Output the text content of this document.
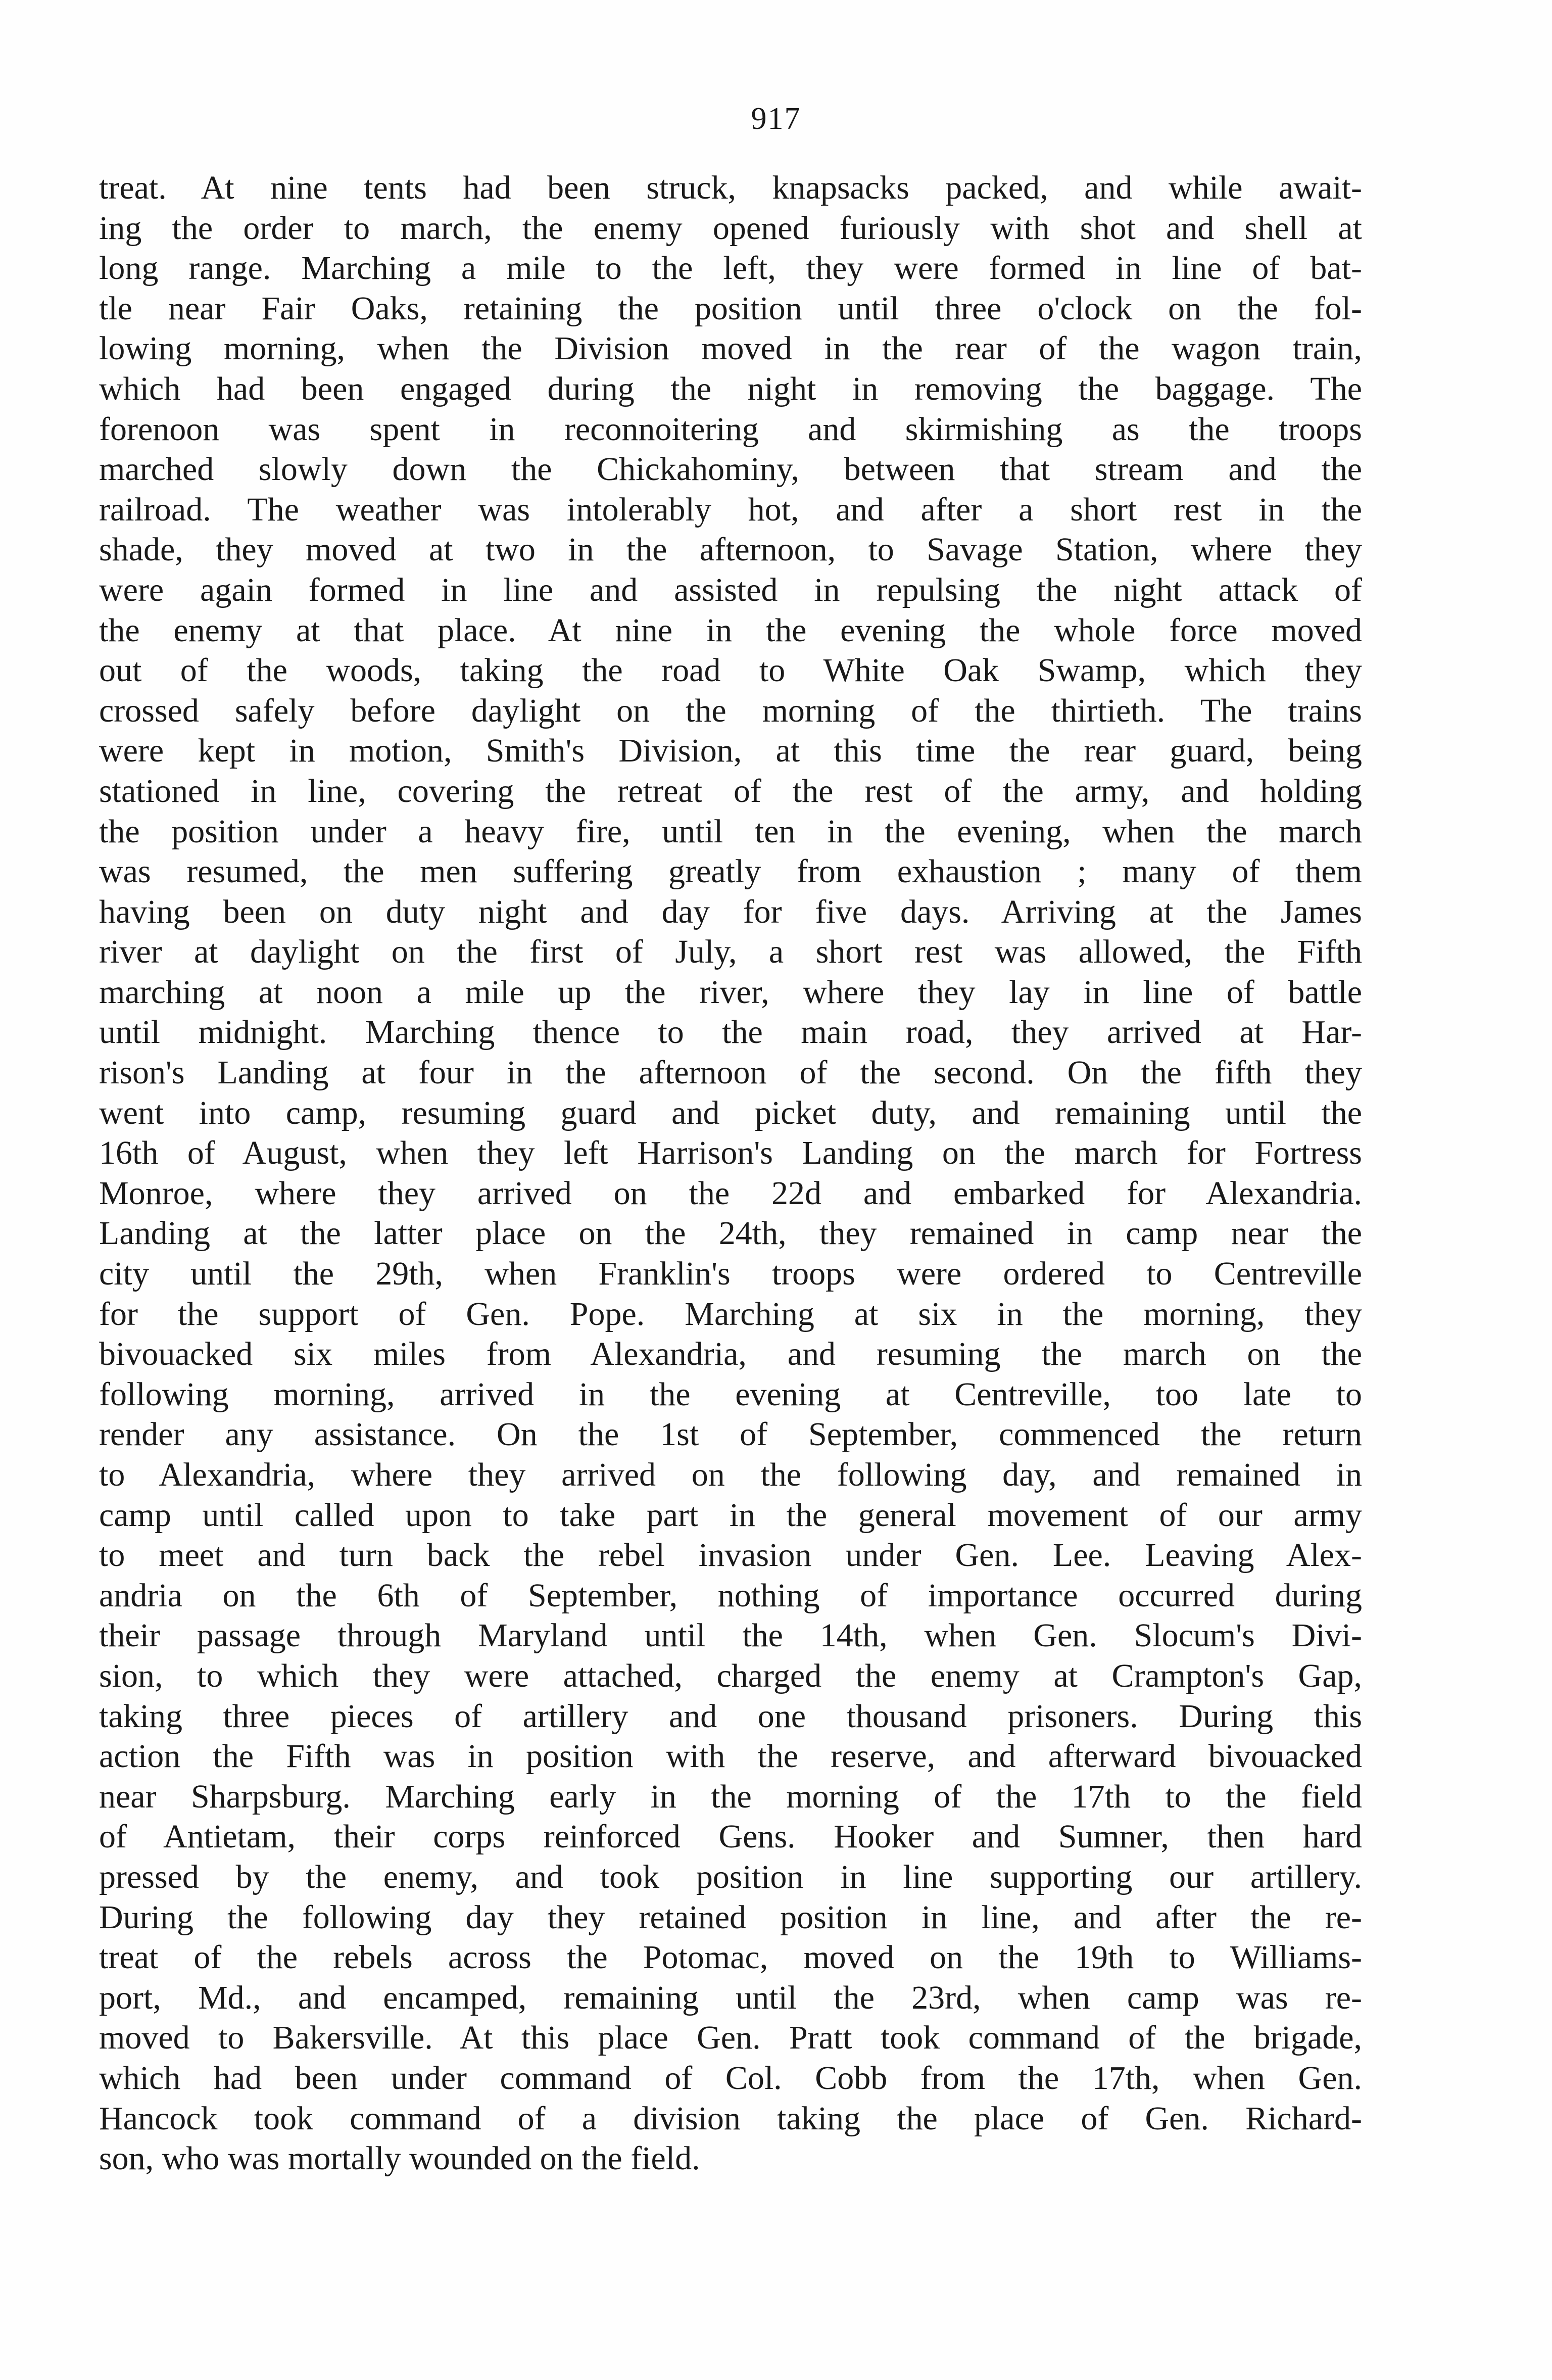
917
treat. At nine tents had been struck, knapsacks packed, and while await-
ing the order to march, the enemy opened furiously with shot and shell at
long range. Marching a mile to the left, they were formed in line of bat-
tle near Fair Oaks, retaining the position until three o'clock on the fol-
lowing morning, when the Division moved in the rear of the wagon train,
which had been engaged during the night in removing the baggage. The
forenoon was spent in reconnoitering and skirmishing as the troops
marched slowly down the Chickahominy, between that stream and the
railroad. The weather was intolerably hot, and after a short rest in the
shade, they moved at two in the afternoon, to Savage Station, where they
were again formed in line and assisted in repulsing the night attack of
the enemy at that place. At nine in the evening the whole force moved
out of the woods, taking the road to White Oak Swamp, which they
crossed safely before daylight on the morning of the thirtieth. The trains
were kept in motion, Smith's Division, at this time the rear guard, being
stationed in line, covering the retreat of the rest of the army, and holding
the position under a heavy fire, until ten in the evening, when the march
was resumed, the men suffering greatly from exhaustion ; many of them
having been on duty night and day for five days. Arriving at the James
river at daylight on the first of July, a short rest was allowed, the Fifth
marching at noon a mile up the river, where they lay in line of battle
until midnight. Marching thence to the main road, they arrived at Har-
rison's Landing at four in the afternoon of the second. On the fifth they
went into camp, resuming guard and picket duty, and remaining until the
16th of August, when they left Harrison's Landing on the march for Fortress
Monroe, where they arrived on the 22d and embarked for Alexandria.
Landing at the latter place on the 24th, they remained in camp near the
city until the 29th, when Franklin's troops were ordered to Centreville
for the support of Gen. Pope. Marching at six in the morning, they
bivouacked six miles from Alexandria, and resuming the march on the
following morning, arrived in the evening at Centreville, too late to
render any assistance. On the 1st of September, commenced the return
to Alexandria, where they arrived on the following day, and remained in
camp until called upon to take part in the general movement of our army
to meet and turn back the rebel invasion under Gen. Lee. Leaving Alex-
andria on the 6th of September, nothing of importance occurred during
their passage through Maryland until the 14th, when Gen. Slocum's Divi-
sion, to which they were attached, charged the enemy at Crampton's Gap,
taking three pieces of artillery and one thousand prisoners. During this
action the Fifth was in position with the reserve, and afterward bivouacked
near Sharpsburg. Marching early in the morning of the 17th to the field
of Antietam, their corps reinforced Gens. Hooker and Sumner, then hard
pressed by the enemy, and took position in line supporting our artillery.
During the following day they retained position in line, and after the re-
treat of the rebels across the Potomac, moved on the 19th to Williams-
port, Md., and encamped, remaining until the 23rd, when camp was re-
moved to Bakersville. At this place Gen. Pratt took command of the brigade,
which had been under command of Col. Cobb from the 17th, when Gen.
Hancock took command of a division taking the place of Gen. Richard-
son, who was mortally wounded on the field.
